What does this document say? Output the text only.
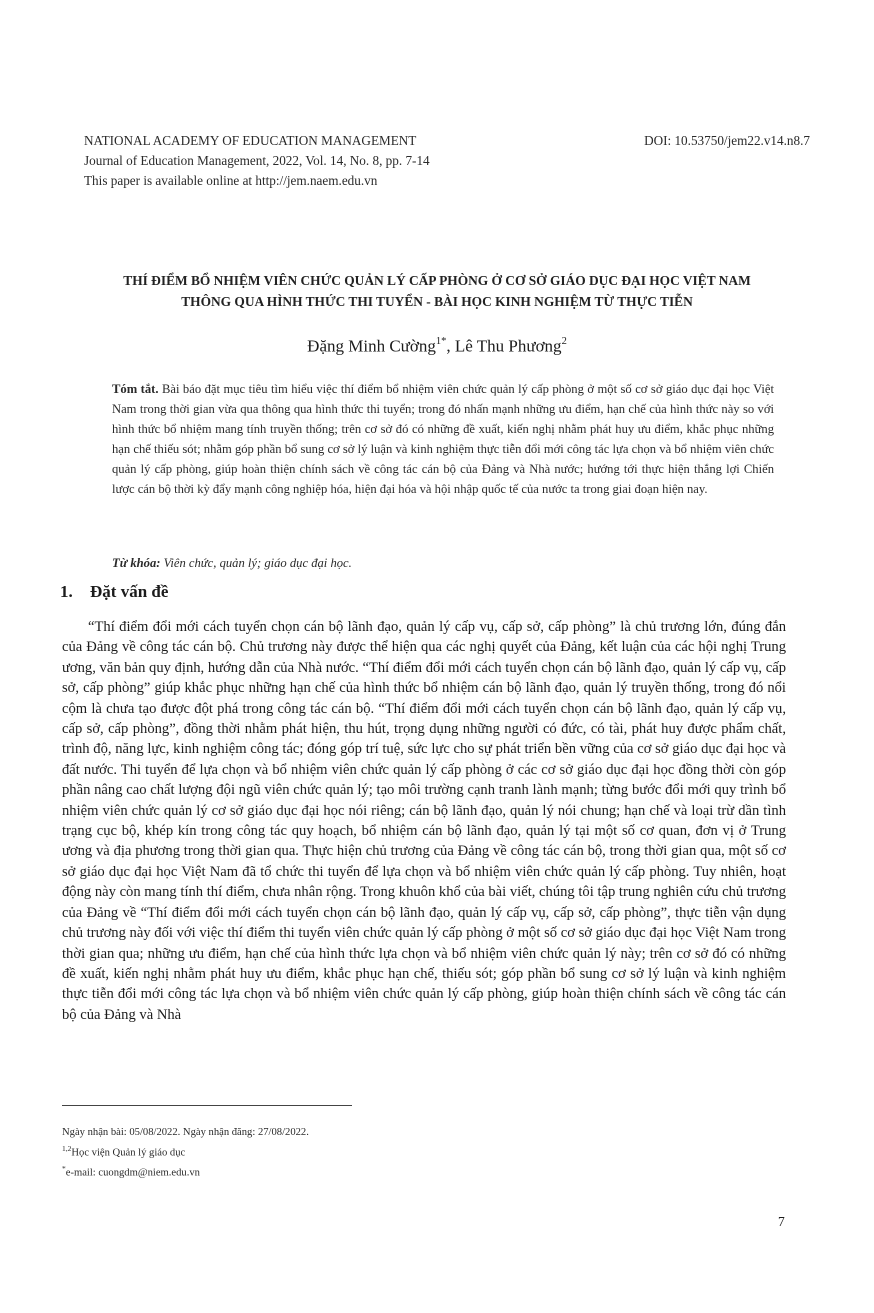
NATIONAL ACADEMY OF EDUCATION MANAGEMENT	DOI: 10.53750/jem22.v14.n8.7
Journal of Education Management, 2022, Vol. 14, No. 8, pp. 7-14
This paper is available online at http://jem.naem.edu.vn
THÍ ĐIỂM BỔ NHIỆM VIÊN CHỨC QUẢN LÝ CẤP PHÒNG Ở CƠ SỞ GIÁO DỤC ĐẠI HỌC VIỆT NAM
THÔNG QUA HÌNH THỨC THI TUYỂN - BÀI HỌC KINH NGHIỆM TỪ THỰC TIỄN
Đặng Minh Cường$^{1*}$, Lê Thu Phương$^2$
Tóm tắt. Bài báo đặt mục tiêu tìm hiểu việc thí điểm bổ nhiệm viên chức quản lý cấp phòng ở một số cơ sở giáo dục đại học Việt Nam trong thời gian vừa qua thông qua hình thức thi tuyển; trong đó nhấn mạnh những ưu điểm, hạn chế của hình thức này so với hình thức bổ nhiệm mang tính truyền thống; trên cơ sở đó có những đề xuất, kiến nghị nhằm phát huy ưu điểm, khắc phục những hạn chế thiếu sót; nhằm góp phần bổ sung cơ sở lý luận và kinh nghiệm thực tiễn đổi mới công tác lựa chọn và bổ nhiệm viên chức quản lý cấp phòng, giúp hoàn thiện chính sách về công tác cán bộ của Đảng và Nhà nước; hướng tới thực hiện thắng lợi Chiến lược cán bộ thời kỳ đẩy mạnh công nghiệp hóa, hiện đại hóa và hội nhập quốc tế của nước ta trong giai đoạn hiện nay.
Từ khóa: Viên chức, quản lý; giáo dục đại học.
1. Đặt vấn đề
“Thí điểm đổi mới cách tuyển chọn cán bộ lãnh đạo, quản lý cấp vụ, cấp sở, cấp phòng” là chủ trương lớn, đúng đắn của Đảng về công tác cán bộ. Chủ trương này được thể hiện qua các nghị quyết của Đảng, kết luận của các hội nghị Trung ương, văn bản quy định, hướng dẫn của Nhà nước. “Thí điểm đổi mới cách tuyển chọn cán bộ lãnh đạo, quản lý cấp vụ, cấp sở, cấp phòng” giúp khắc phục những hạn chế của hình thức bổ nhiệm cán bộ lãnh đạo, quản lý truyền thống, trong đó nổi cộm là chưa tạo được đột phá trong công tác cán bộ. “Thí điểm đổi mới cách tuyển chọn cán bộ lãnh đạo, quản lý cấp vụ, cấp sở, cấp phòng”, đồng thời nhằm phát hiện, thu hút, trọng dụng những người có đức, có tài, phát huy được phẩm chất, trình độ, năng lực, kinh nghiệm công tác; đóng góp trí tuệ, sức lực cho sự phát triển bền vững của cơ sở giáo dục đại học và đất nước. Thi tuyển để lựa chọn và bổ nhiệm viên chức quản lý cấp phòng ở các cơ sở giáo dục đại học đồng thời còn góp phần nâng cao chất lượng đội ngũ viên chức quản lý; tạo môi trường cạnh tranh lành mạnh; từng bước đổi mới quy trình bổ nhiệm viên chức quản lý cơ sở giáo dục đại học nói riêng; cán bộ lãnh đạo, quản lý nói chung; hạn chế và loại trừ dần tình trạng cục bộ, khép kín trong công tác quy hoạch, bổ nhiệm cán bộ lãnh đạo, quản lý tại một số cơ quan, đơn vị ở Trung ương và địa phương trong thời gian qua. Thực hiện chủ trương của Đảng về công tác cán bộ, trong thời gian qua, một số cơ sở giáo dục đại học Việt Nam đã tổ chức thi tuyển để lựa chọn và bổ nhiệm viên chức quản lý cấp phòng. Tuy nhiên, hoạt động này còn mang tính thí điểm, chưa nhân rộng. Trong khuôn khổ của bài viết, chúng tôi tập trung nghiên cứu chủ trương của Đảng về “Thí điểm đổi mới cách tuyển chọn cán bộ lãnh đạo, quản lý cấp vụ, cấp sở, cấp phòng”, thực tiễn vận dụng chủ trương này đối với việc thí điểm thi tuyển viên chức quản lý cấp phòng ở một số cơ sở giáo dục đại học Việt Nam trong thời gian qua; những ưu điểm, hạn chế của hình thức lựa chọn và bổ nhiệm viên chức quản lý này; trên cơ sở đó có những đề xuất, kiến nghị nhằm phát huy ưu điểm, khắc phục hạn chế, thiếu sót; góp phần bổ sung cơ sở lý luận và kinh nghiệm thực tiễn đổi mới công tác lựa chọn và bổ nhiệm viên chức quản lý cấp phòng, giúp hoàn thiện chính sách về công tác cán bộ của Đảng và Nhà
Ngày nhận bài: 05/08/2022. Ngày nhận đăng: 27/08/2022.
$^{1,2}$Học viện Quản lý giáo dục
*e-mail: cuongdm@niem.edu.vn
7
